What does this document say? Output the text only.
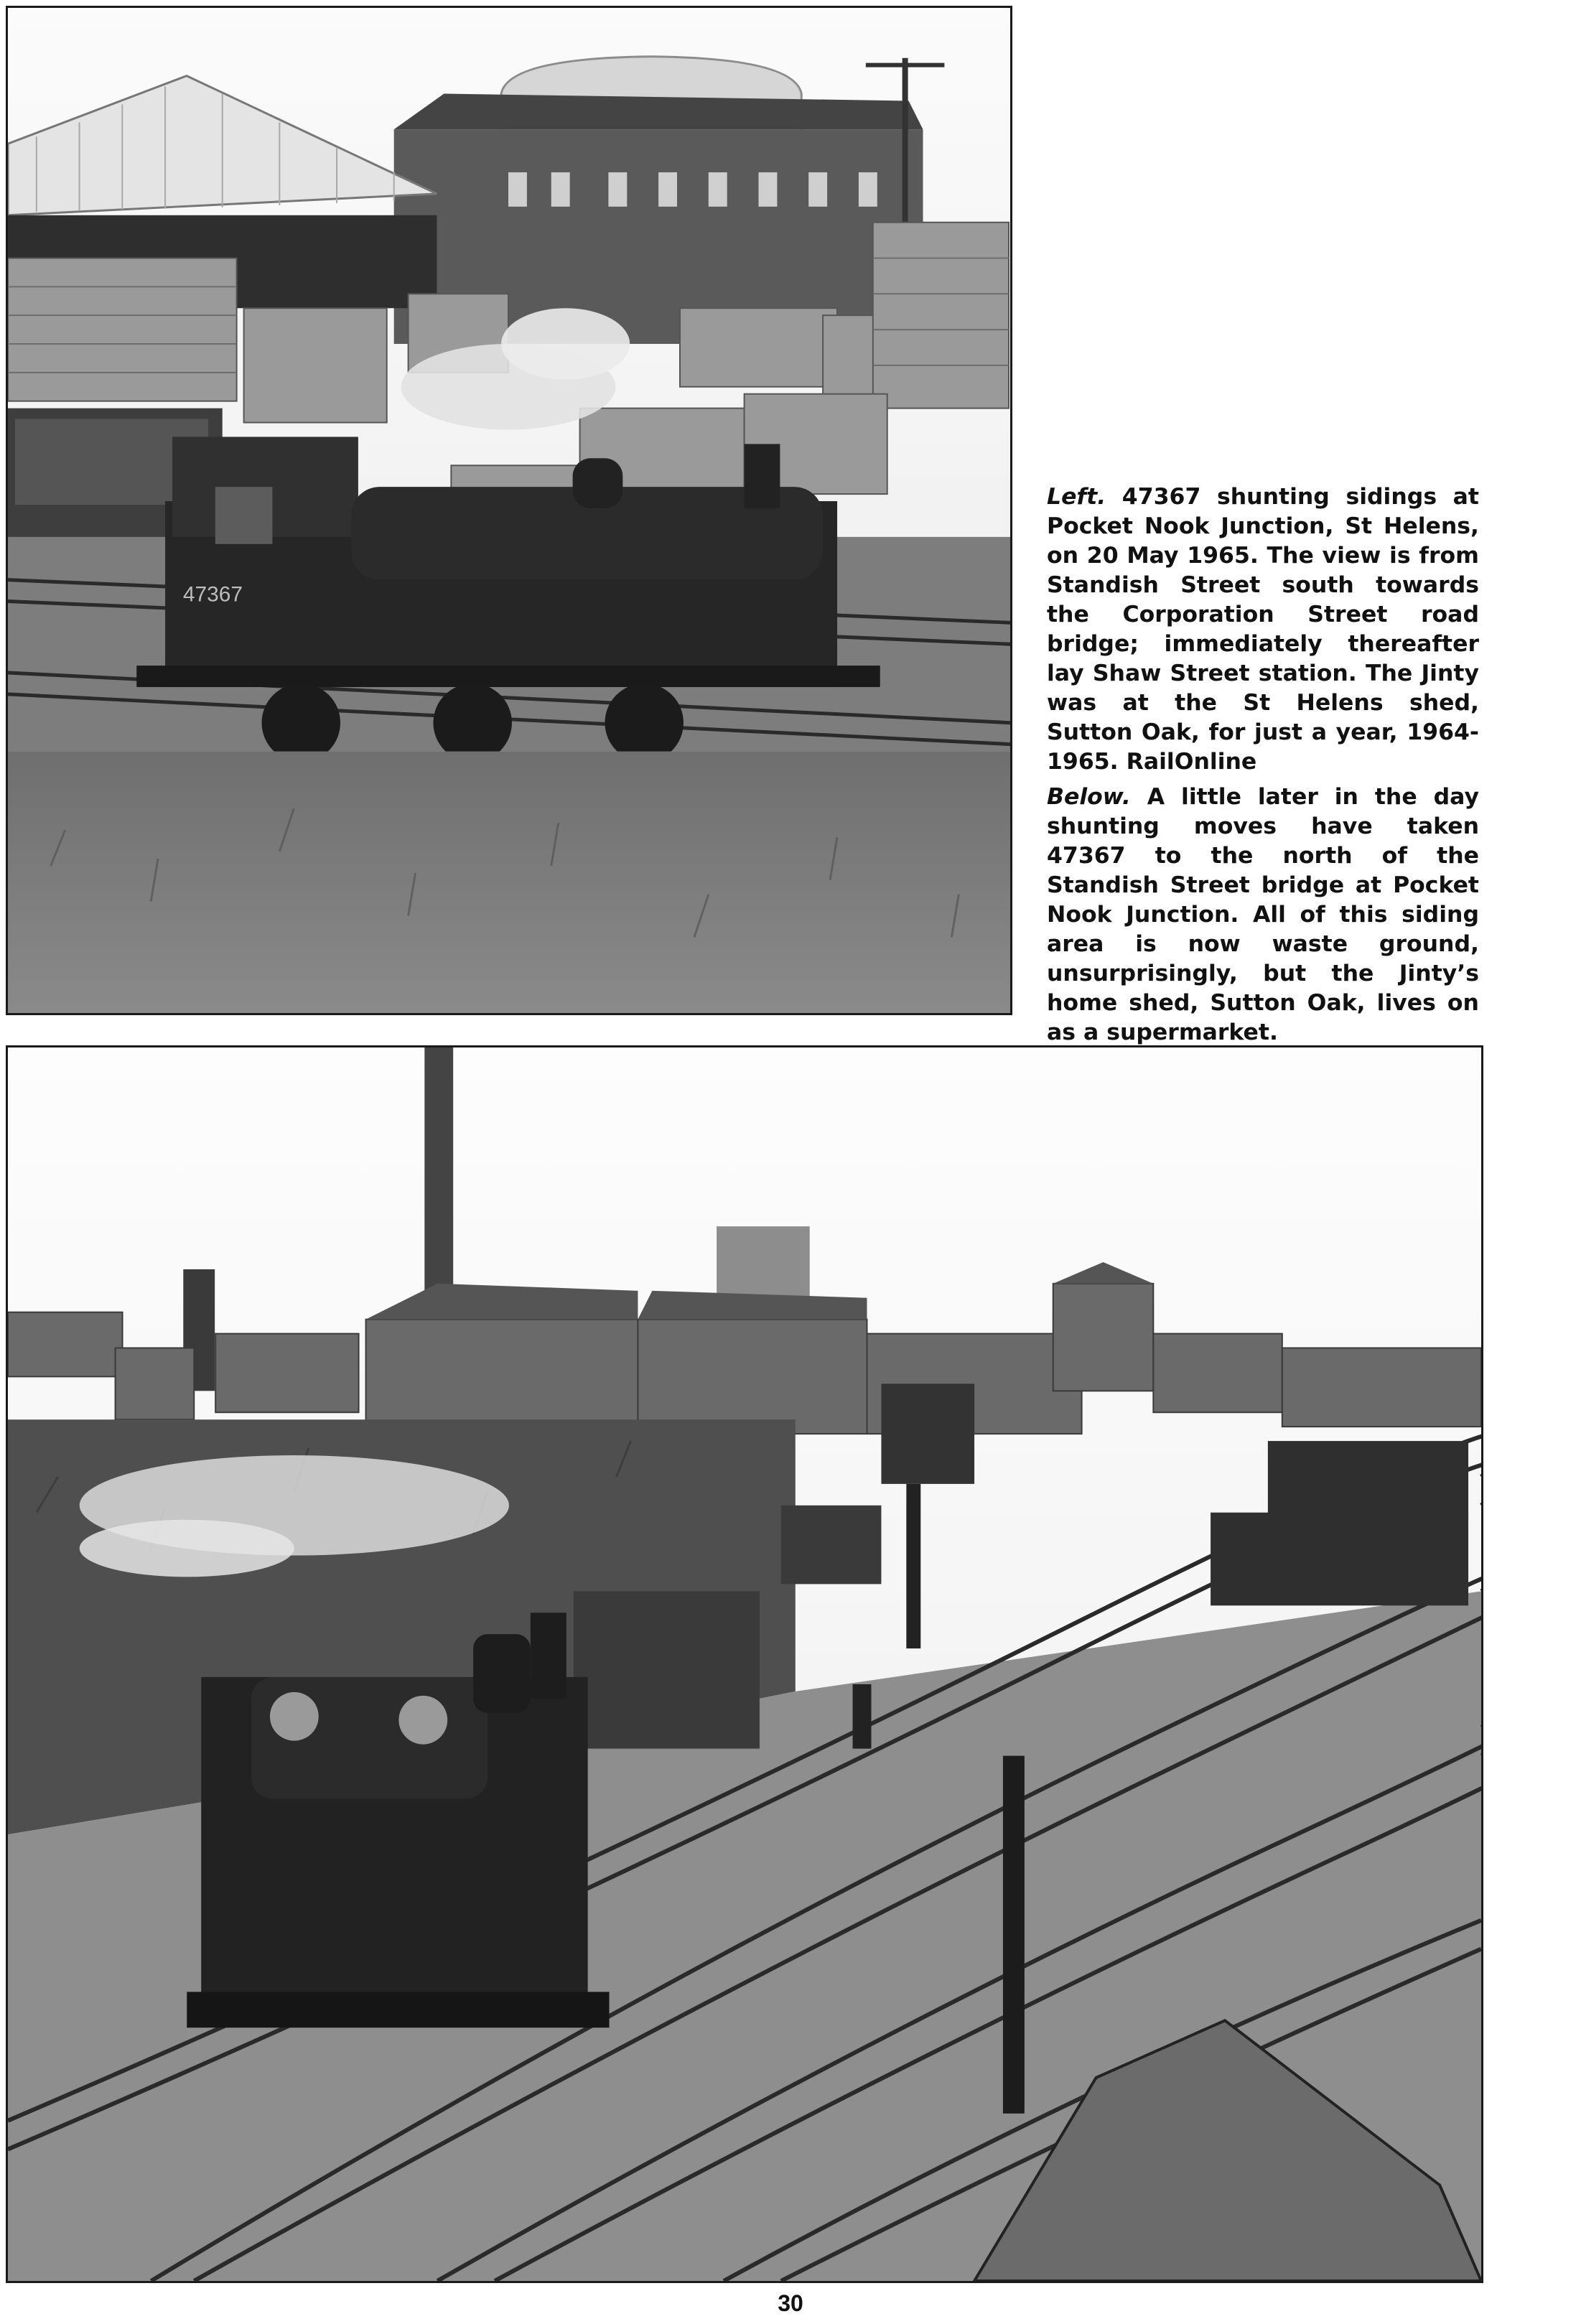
47367
Left. 47367 shunting sidings at Pocket Nook Junction, St Helens, on 20 May 1965. The view is from Standish Street south towards the Corporation Street road bridge; immediately thereafter lay Shaw Street station. The Jinty was at the St Helens shed, Sutton Oak, for just a year, 1964-1965. RailOnline
Below. A little later in the day shunting moves have taken 47367 to the north of the Standish Street bridge at Pocket Nook Junction. All of this siding area is now waste ground, unsurprisingly, but the Jinty’s home shed, Sutton Oak, lives on as a supermarket.
30
